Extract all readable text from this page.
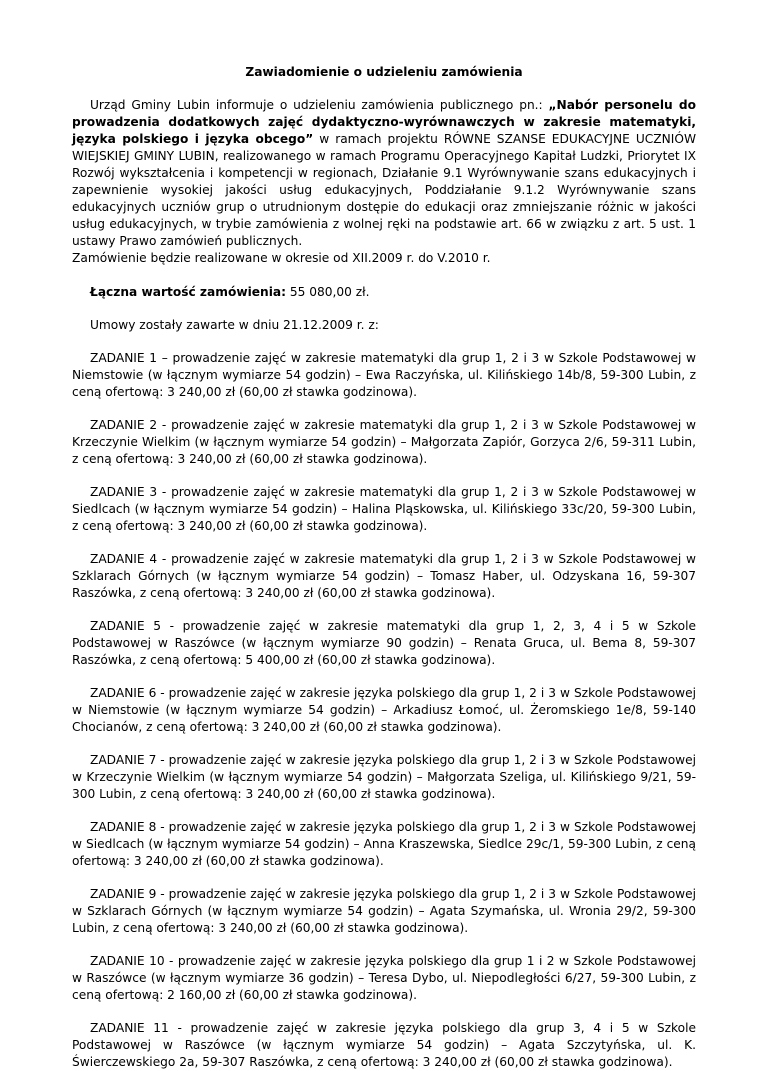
Zawiadomienie o udzieleniu zamówienia

Urząd Gminy Lubin informuje o udzieleniu zamówienia publicznego pn.: „Nabór personelu do prowadzenia dodatkowych zajęć dydaktyczno-wyrównawczych w zakresie matematyki, języka polskiego i języka obcego” w ramach projektu RÓWNE SZANSE EDUKACYJNE UCZNIÓW WIEJSKIEJ GMINY LUBIN, realizowanego w ramach Programu Operacyjnego Kapitał Ludzki, Priorytet IX Rozwój wykształcenia i kompetencji w regionach, Działanie 9.1 Wyrównywanie szans edukacyjnych i zapewnienie wysokiej jakości usług edukacyjnych, Poddziałanie 9.1.2 Wyrównywanie szans edukacyjnych uczniów grup o utrudnionym dostępie do edukacji oraz zmniejszanie różnic w jakości usług edukacyjnych, w trybie zamówienia z wolnej ręki na podstawie art. 66 w związku z art. 5 ust. 1 ustawy Prawo zamówień publicznych.
Zamówienie będzie realizowane w okresie od XII.2009 r. do V.2010 r.

Łączna wartość zamówienia: 55 080,00 zł.

Umowy zostały zawarte w dniu 21.12.2009 r. z:

ZADANIE 1 – prowadzenie zajęć w zakresie matematyki dla grup 1, 2 i 3 w Szkole Podstawowej w Niemstowie (w łącznym wymiarze 54 godzin) – Ewa Raczyńska, ul. Kilińskiego 14b/8, 59-300 Lubin, z ceną ofertową: 3 240,00 zł (60,00 zł stawka godzinowa).

ZADANIE 2 - prowadzenie zajęć w zakresie matematyki dla grup 1, 2 i 3 w Szkole Podstawowej w Krzeczynie Wielkim (w łącznym wymiarze 54 godzin) – Małgorzata Zapiór, Gorzyca 2/6, 59-311 Lubin, z ceną ofertową: 3 240,00 zł (60,00 zł stawka godzinowa).

ZADANIE 3 - prowadzenie zajęć w zakresie matematyki dla grup 1, 2 i 3 w Szkole Podstawowej w Siedlcach (w łącznym wymiarze 54 godzin) – Halina Pląskowska, ul. Kilińskiego 33c/20, 59-300 Lubin, z ceną ofertową: 3 240,00 zł (60,00 zł stawka godzinowa).

ZADANIE 4 - prowadzenie zajęć w zakresie matematyki dla grup 1, 2 i 3 w Szkole Podstawowej w Szklarach Górnych (w łącznym wymiarze 54 godzin) – Tomasz Haber, ul. Odzyskana 16, 59-307 Raszówka, z ceną ofertową: 3 240,00 zł (60,00 zł stawka godzinowa).

ZADANIE 5 - prowadzenie zajęć w zakresie matematyki dla grup 1, 2, 3, 4 i 5 w Szkole Podstawowej w Raszówce (w łącznym wymiarze 90 godzin) – Renata Gruca, ul. Bema 8, 59-307 Raszówka, z ceną ofertową: 5 400,00 zł (60,00 zł stawka godzinowa).

ZADANIE 6 - prowadzenie zajęć w zakresie języka polskiego dla grup 1, 2 i 3 w Szkole Podstawowej w Niemstowie (w łącznym wymiarze 54 godzin) – Arkadiusz Łomoć, ul. Żeromskiego 1e/8, 59-140 Chocianów, z ceną ofertową: 3 240,00 zł (60,00 zł stawka godzinowa).

ZADANIE 7 - prowadzenie zajęć w zakresie języka polskiego dla grup 1, 2 i 3 w Szkole Podstawowej w Krzeczynie Wielkim (w łącznym wymiarze 54 godzin) – Małgorzata Szeliga, ul. Kilińskiego 9/21, 59-300 Lubin, z ceną ofertową: 3 240,00 zł (60,00 zł stawka godzinowa).

ZADANIE 8 - prowadzenie zajęć w zakresie języka polskiego dla grup 1, 2 i 3 w Szkole Podstawowej w Siedlcach (w łącznym wymiarze 54 godzin) – Anna Kraszewska, Siedlce 29c/1, 59-300 Lubin, z ceną ofertową: 3 240,00 zł (60,00 zł stawka godzinowa).

ZADANIE 9 - prowadzenie zajęć w zakresie języka polskiego dla grup 1, 2 i 3 w Szkole Podstawowej w Szklarach Górnych (w łącznym wymiarze 54 godzin) – Agata Szymańska, ul. Wronia 29/2, 59-300 Lubin, z ceną ofertową: 3 240,00 zł (60,00 zł stawka godzinowa).

ZADANIE 10 - prowadzenie zajęć w zakresie języka polskiego dla grup 1 i 2 w Szkole Podstawowej w Raszówce (w łącznym wymiarze 36 godzin) – Teresa Dybo, ul. Niepodległości 6/27, 59-300 Lubin, z ceną ofertową: 2 160,00 zł (60,00 zł stawka godzinowa).

ZADANIE 11 - prowadzenie zajęć w zakresie języka polskiego dla grup 3, 4 i 5 w Szkole Podstawowej w Raszówce (w łącznym wymiarze 54 godzin) – Agata Szczytyńska, ul. K. Świerczewskiego 2a, 59-307 Raszówka, z ceną ofertową: 3 240,00 zł (60,00 zł stawka godzinowa).
